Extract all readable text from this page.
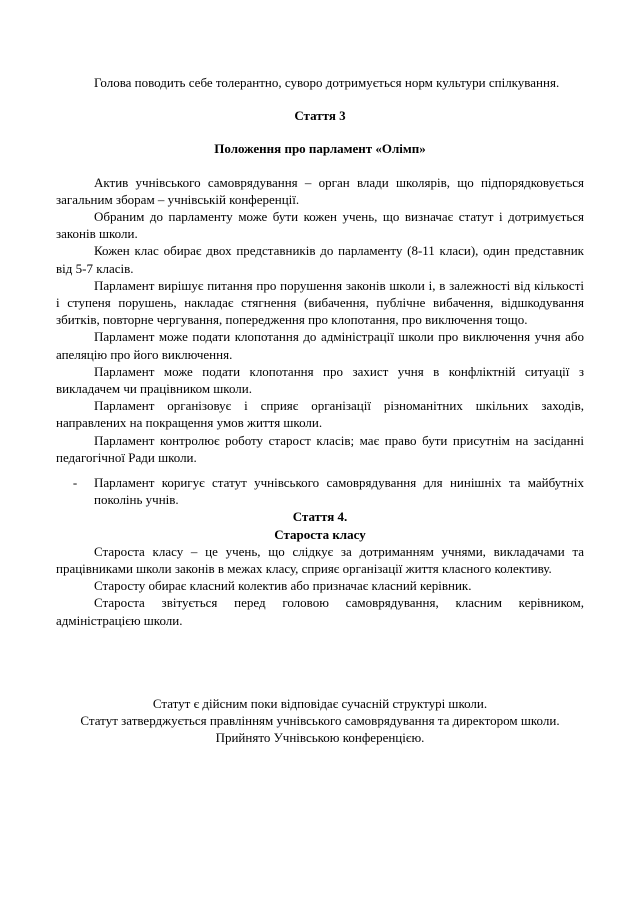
Голова поводить себе толерантно, суворо дотримується норм культури спілкування.

Стаття 3

Положення про парламент «Олімп»

Актив учнівського самоврядування – орган влади школярів, що підпорядковується загальним зборам – учнівській конференції.

Обраним до парламенту може бути кожен учень, що визначає статут і дотримується законів школи.

Кожен клас обирає двох представників до парламенту (8-11 класи), один представник від 5-7 класів.

Парламент вирішує питання про порушення законів школи і, в залежності від кількості і ступеня порушень, накладає стягнення (вибачення, публічне вибачення, відшкодування збитків, повторне чергування, попередження про клопотання, про виключення тощо.

Парламент може подати клопотання до адміністрації школи про виключення учня або апеляцію про його виключення.

Парламент може подати клопотання про захист учня в конфліктній ситуації з викладачем чи працівником школи.

Парламент організовує і сприяє організації різноманітних шкільних заходів, направлених на покращення умов життя школи.

Парламент контролює роботу старост класів; має право бути присутнім на засіданні педагогічної Ради школи.

-	Парламент коригує статут учнівського самоврядування для нинішніх та майбутніх поколінь учнів.

Стаття 4.

Староста класу

Староста класу – це учень, що слідкує за дотриманням учнями, викладачами та працівниками школи законів в межах класу, сприяє організації життя класного колективу.

Старосту обирає класний колектив або призначає класний керівник.

Староста звітується перед головою самоврядування, класним керівником, адміністрацією школи.

Статут є дійсним поки відповідає сучасній структурі школи.

Статут затверджується правлінням учнівського самоврядування та директором школи.

Прийнято Учнівською конференцією.
